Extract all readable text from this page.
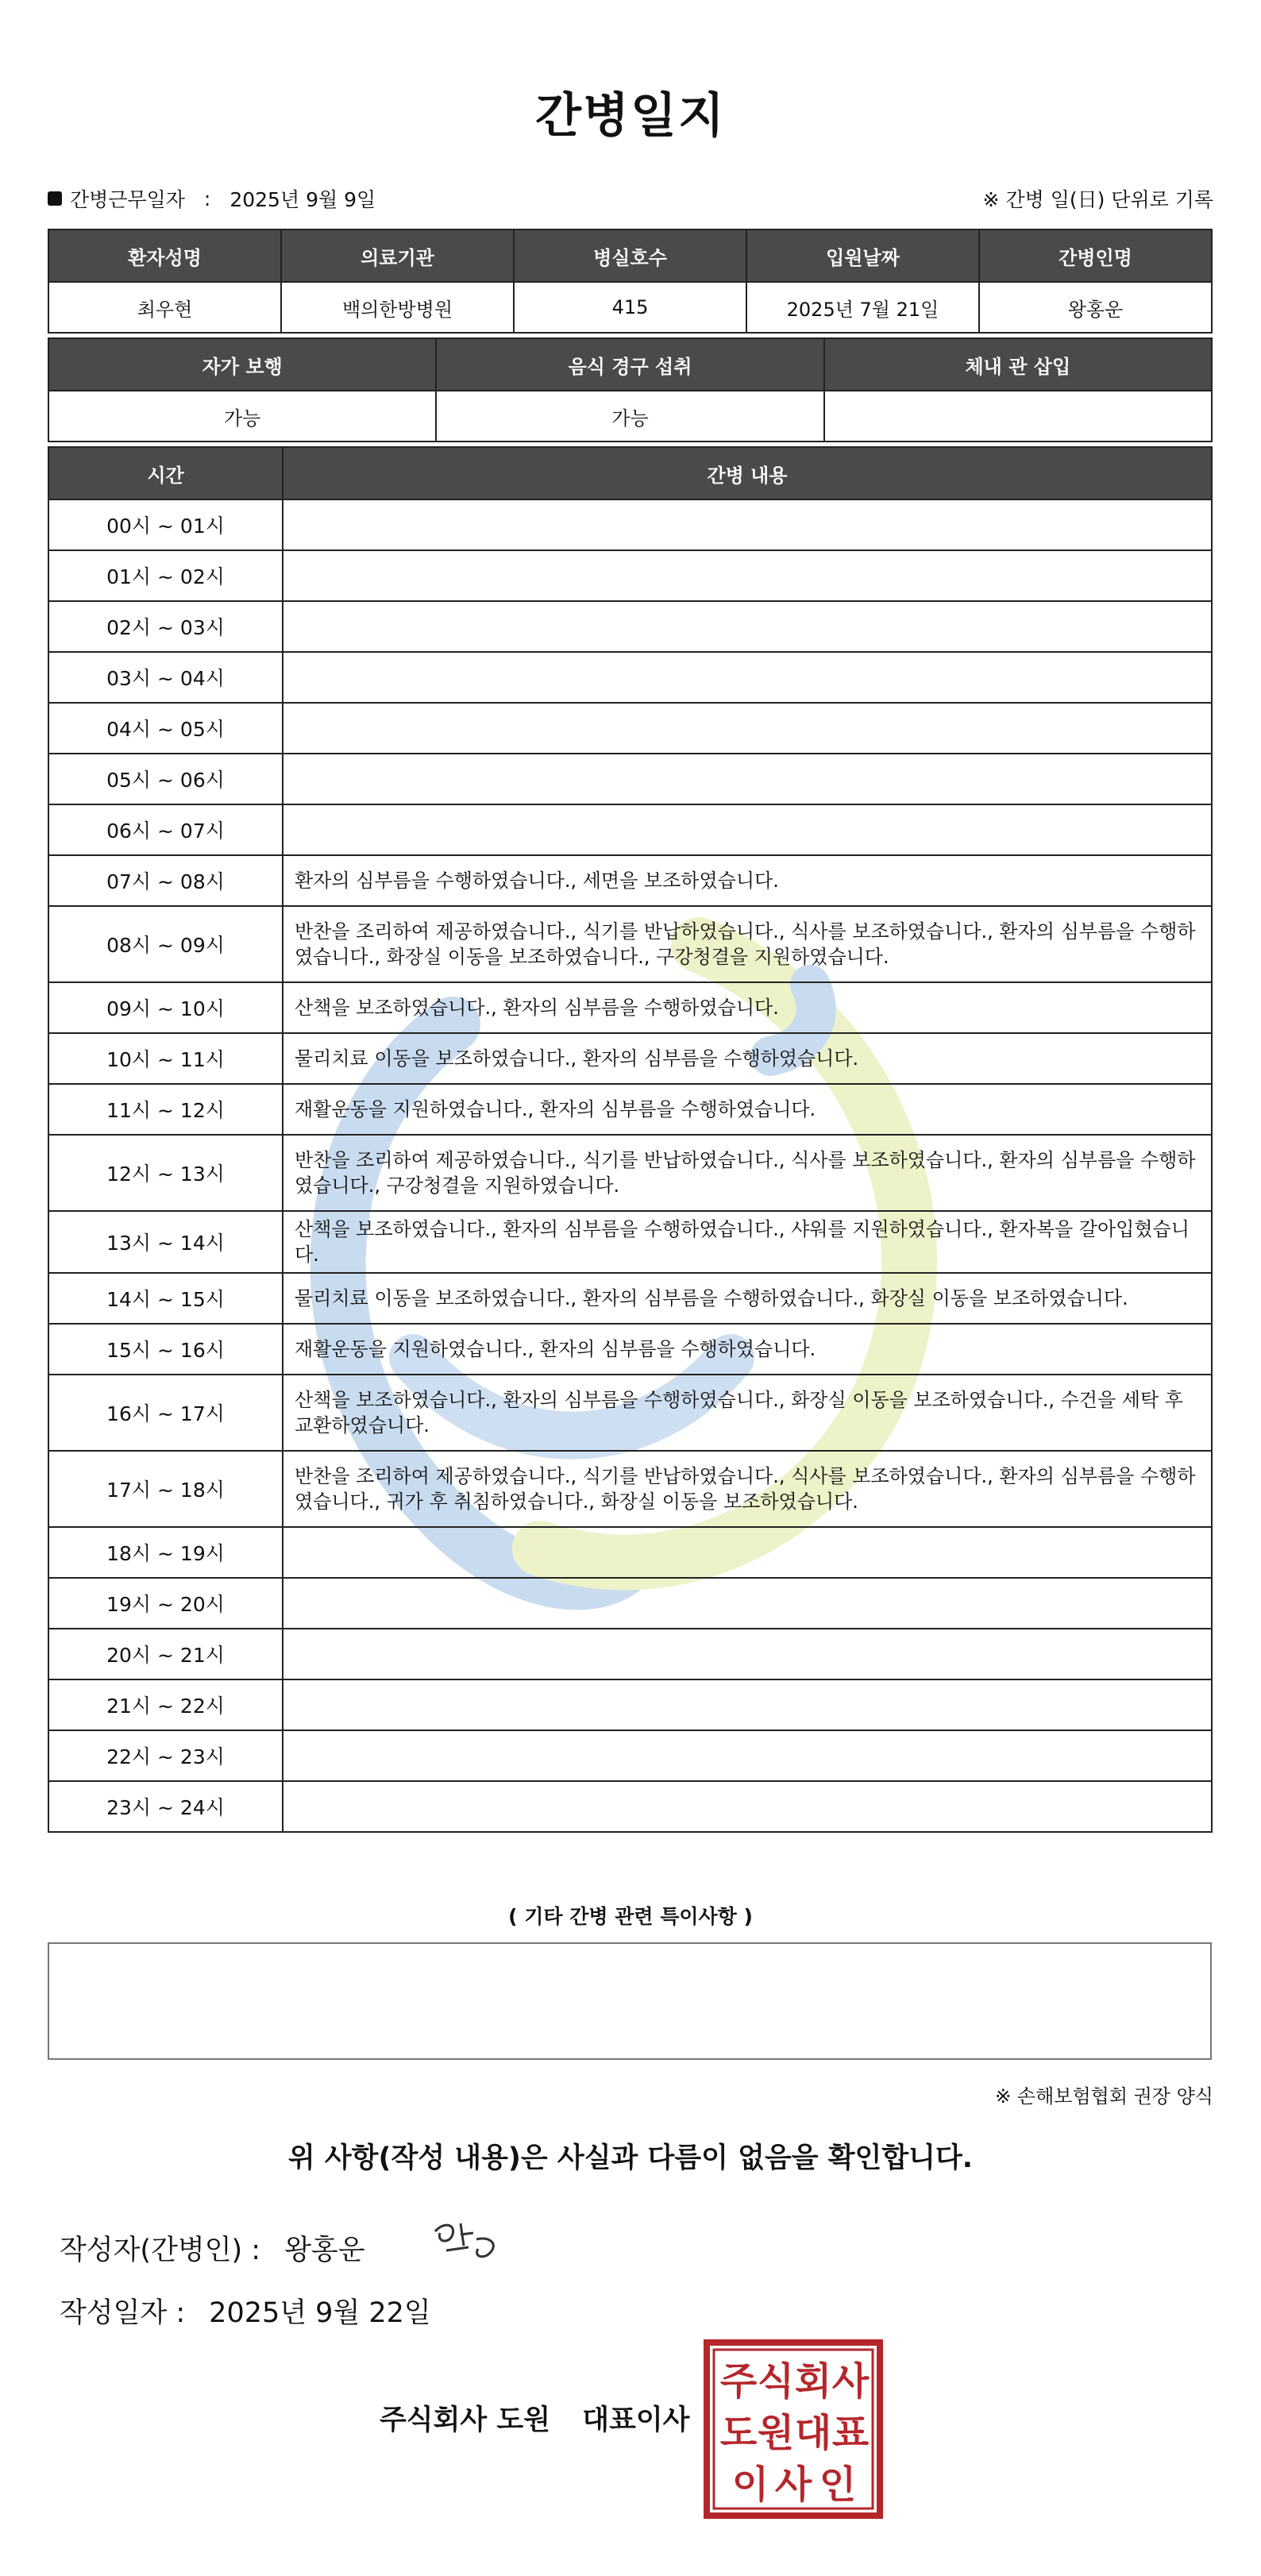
간병일지
간병근무일자 : 2025년 9월 9일	※ 간병 일(日) 단위로 기록
환자성명	의료기관	병실호수	입원날짜	간병인명
최우현	백의한방병원	415	2025년 7월 21일	왕홍운
자가 보행	음식 경구 섭취	체내 관 삽입
가능	가능	
시간	간병 내용
00시 ~ 01시	
01시 ~ 02시	
02시 ~ 03시	
03시 ~ 04시	
04시 ~ 05시	
05시 ~ 06시	
06시 ~ 07시	
07시 ~ 08시	환자의 심부름을 수행하였습니다., 세면을 보조하였습니다.
08시 ~ 09시	반찬을 조리하여 제공하였습니다., 식기를 반납하였습니다., 식사를 보조하였습니다., 환자의 심부름을 수행하였습니다., 화장실 이동을 보조하였습니다., 구강청결을 지원하였습니다.
09시 ~ 10시	산책을 보조하였습니다., 환자의 심부름을 수행하였습니다.
10시 ~ 11시	물리치료 이동을 보조하였습니다., 환자의 심부름을 수행하였습니다.
11시 ~ 12시	재활운동을 지원하였습니다., 환자의 심부름을 수행하였습니다.
12시 ~ 13시	반찬을 조리하여 제공하였습니다., 식기를 반납하였습니다., 식사를 보조하였습니다., 환자의 심부름을 수행하였습니다., 구강청결을 지원하였습니다.
13시 ~ 14시	산책을 보조하였습니다., 환자의 심부름을 수행하였습니다., 샤워를 지원하였습니다., 환자복을 갈아입혔습니다.
14시 ~ 15시	물리치료 이동을 보조하였습니다., 환자의 심부름을 수행하였습니다., 화장실 이동을 보조하였습니다.
15시 ~ 16시	재활운동을 지원하였습니다., 환자의 심부름을 수행하였습니다.
16시 ~ 17시	산책을 보조하였습니다., 환자의 심부름을 수행하였습니다., 화장실 이동을 보조하였습니다., 수건을 세탁 후 교환하였습니다.
17시 ~ 18시	반찬을 조리하여 제공하였습니다., 식기를 반납하였습니다., 식사를 보조하였습니다., 환자의 심부름을 수행하였습니다., 귀가 후 취침하였습니다., 화장실 이동을 보조하였습니다.
18시 ~ 19시	
19시 ~ 20시	
20시 ~ 21시	
21시 ~ 22시	
22시 ~ 23시	
23시 ~ 24시	
( 기타 간병 관련 특이사항 )
※ 손해보험협회 권장 양식
위 사항(작성 내용)은 사실과 다름이 없음을 확인합니다.
작성자(간병인) : 왕홍운
작성일자 : 2025년 9월 22일
주식회사 도원 대표이사
주 식 회 사
도 원 대 표
이 사 인
